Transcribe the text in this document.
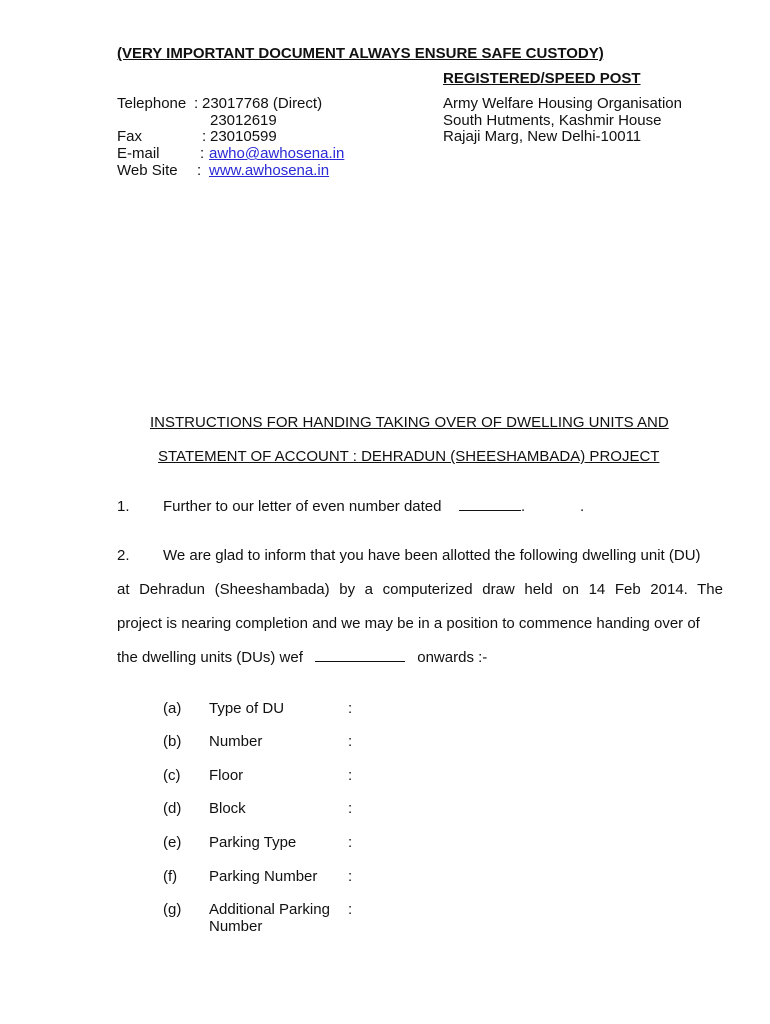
(VERY IMPORTANT DOCUMENT ALWAYS ENSURE SAFE CUSTODY)
REGISTERED/SPEED POST
Telephone : 23017768 (Direct)
23012619
Fax	: 23010599
E-mail	: awho@awhosena.in
Web Site : www.awhosena.in
Army Welfare Housing Organisation
South Hutments, Kashmir House
Rajaji Marg, New Delhi-10011
INSTRUCTIONS FOR HANDING TAKING OVER OF DWELLING UNITS AND
STATEMENT OF ACCOUNT : DEHRADUN (SHEESHAMBADA) PROJECT
1. Further to our letter of even number dated	.	.
2. We are glad to inform that you have been allotted the following dwelling unit (DU)
at Dehradun (Sheeshambada) by a computerized draw held on 14 Feb 2014. The
project is nearing completion and we may be in a position to commence handing over of
the dwelling units (DUs) wef	onwards :-
(a) Type of DU	:
(b) Number	:
(c) Floor	:
(d) Block	:
(e) Parking Type	:
(f) Parking Number :
(g) Additional Parking
Number
:
